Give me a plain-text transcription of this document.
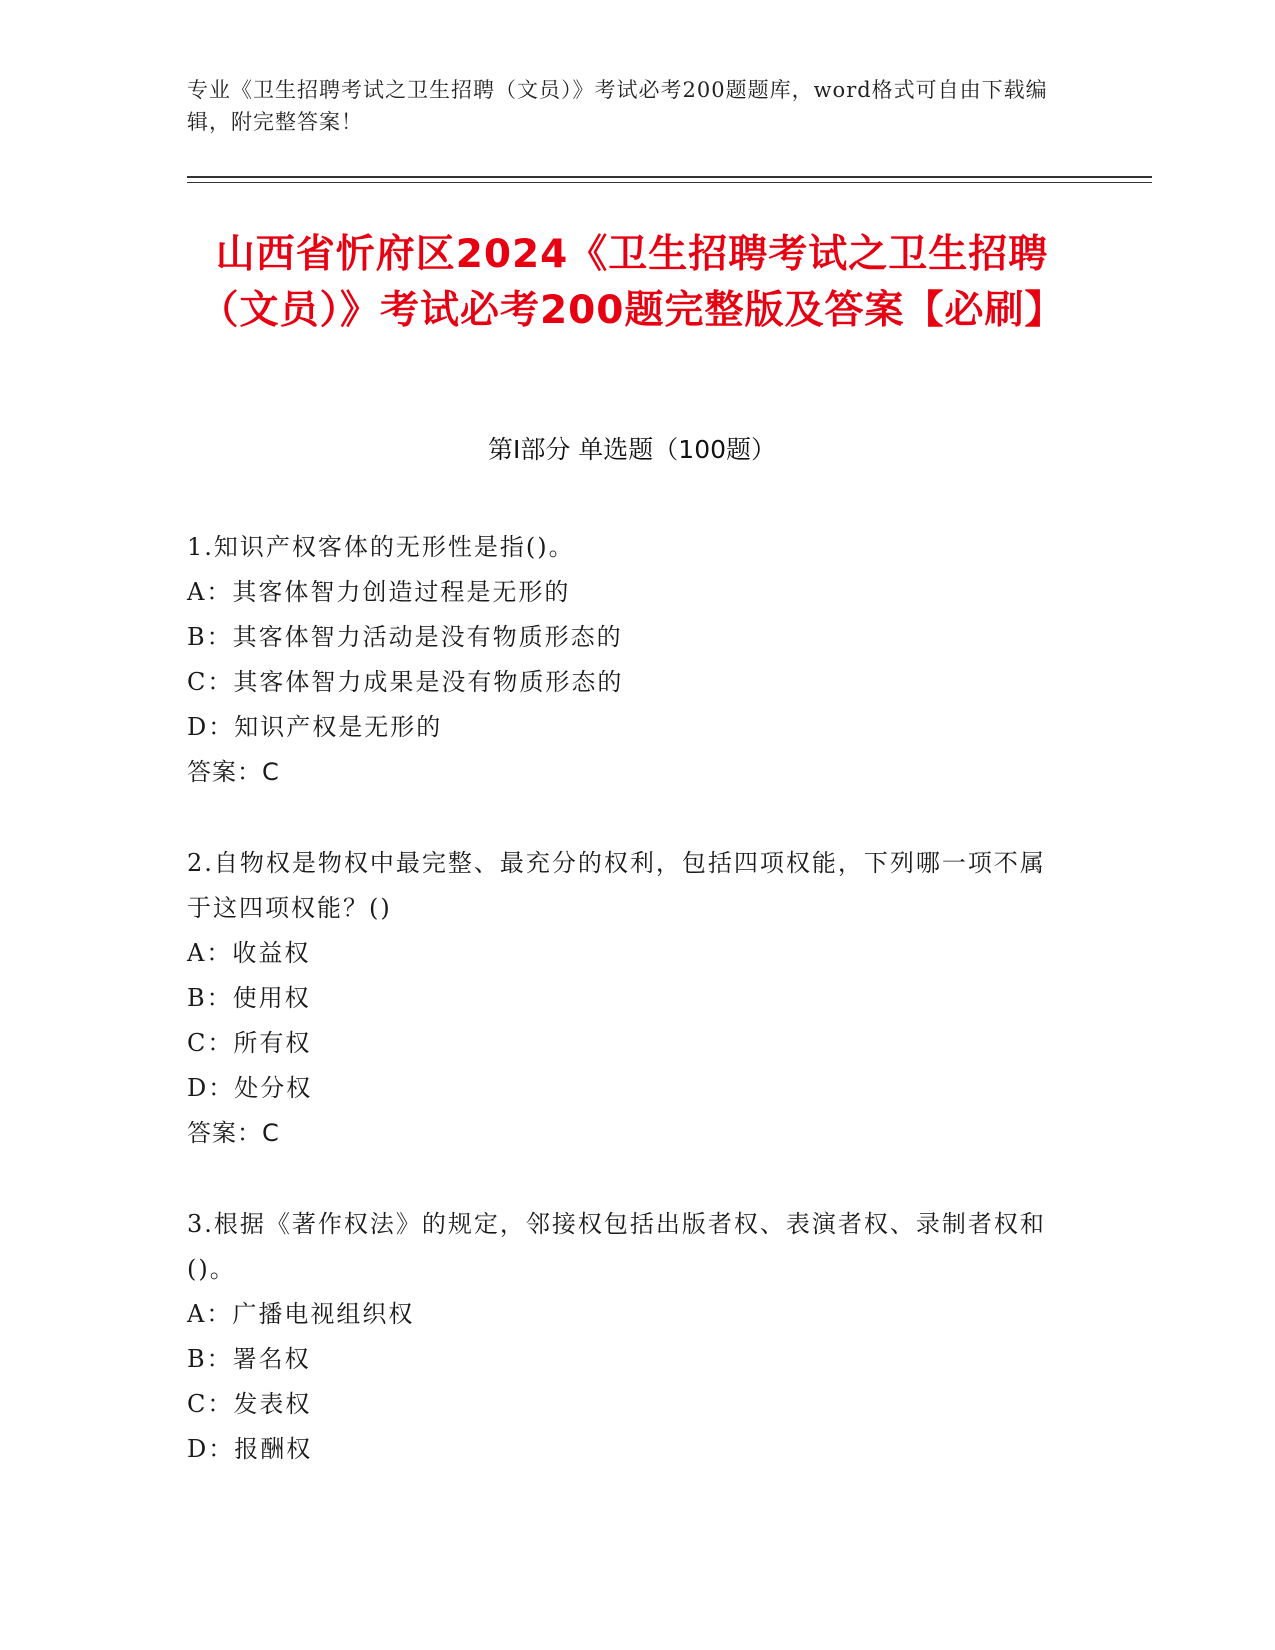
专业《卫生招聘考试之卫生招聘（文员）》考试必考200题题库，word格式可自由下载编辑，附完整答案！
山西省忻府区2024《卫生招聘考试之卫生招聘（文员）》考试必考200题完整版及答案【必刷】
第I部分 单选题（100题）

1.知识产权客体的无形性是指()。

A：其客体智力创造过程是无形的

B：其客体智力活动是没有物质形态的

C：其客体智力成果是没有物质形态的

D：知识产权是无形的

答案：C

2.自物权是物权中最完整、最充分的权利，包括四项权能，下列哪一项不属于这四项权能？()

A：收益权

B：使用权

C：所有权

D：处分权

答案：C

3.根据《著作权法》的规定，邻接权包括出版者权、表演者权、录制者权和()。

A：广播电视组织权

B：署名权

C：发表权

D：报酬权
